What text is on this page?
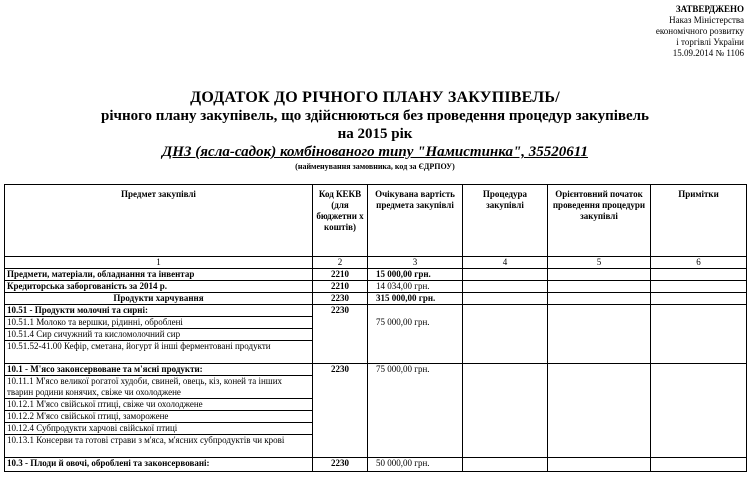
ЗАТВЕРДЖЕНО
Наказ Міністерства
економічного розвитку
і торгівлі України
15.09.2014 № 1106
ДОДАТОК ДО РІЧНОГО ПЛАНУ ЗАКУПІВЕЛЬ/
річного плану закупівель, що здійснюються без проведення процедур закупівель
на 2015 рік
ДНЗ (ясла-садок) комбінованого типу "Намистинка", 35520611
(найменування замовника, код за ЄДРПОУ)
Предмет закупівлі	Код КЕКВ (для бюджетни х коштів)	Очікувана вартість предмета закупівлі	Процедура закупівлі	Орієнтовний початок проведення процедури закупівлі	Примітки
1	2	3	4	5	6
Предмети, матеріали, обладнання та інвентар	2210	15 000,00 грн.			
Кредиторська заборгованість за 2014 р.	2210	14 034,00 грн.			
Продукти харчування	2230	315 000,00 грн.			
10.51 - Продукти молочні та сирні:	2230	75 000,00 грн.			
10.51.1 Молоко та вершки, рідинні, оброблені					
10.51.4 Сир сичужний та кисломолочний сир					
10.51.52-41.00 Кефір, сметана, йогурт й інші ферментовані продукти					
10.1 - М'ясо законсервоване та м'ясні продукти:	2230	75 000,00 грн.			
10.11.1 М'ясо великої рогатої худоби, свиней, овець, кіз, коней та інших тварин родини конячих, свіже чи охолоджене					
10.12.1 М'ясо свійської птиці, свіже чи охолоджене					
10.12.2 М'ясо свійської птиці, заморожене					
10.12.4 Субпродукти харчові свійської птиці					
10.13.1 Консерви та готові страви з м'яса, м'ясних субпродуктів чи крові					
10.3 - Плоди й овочі, оброблені та законсервовані:	2230	50 000,00 грн.			
